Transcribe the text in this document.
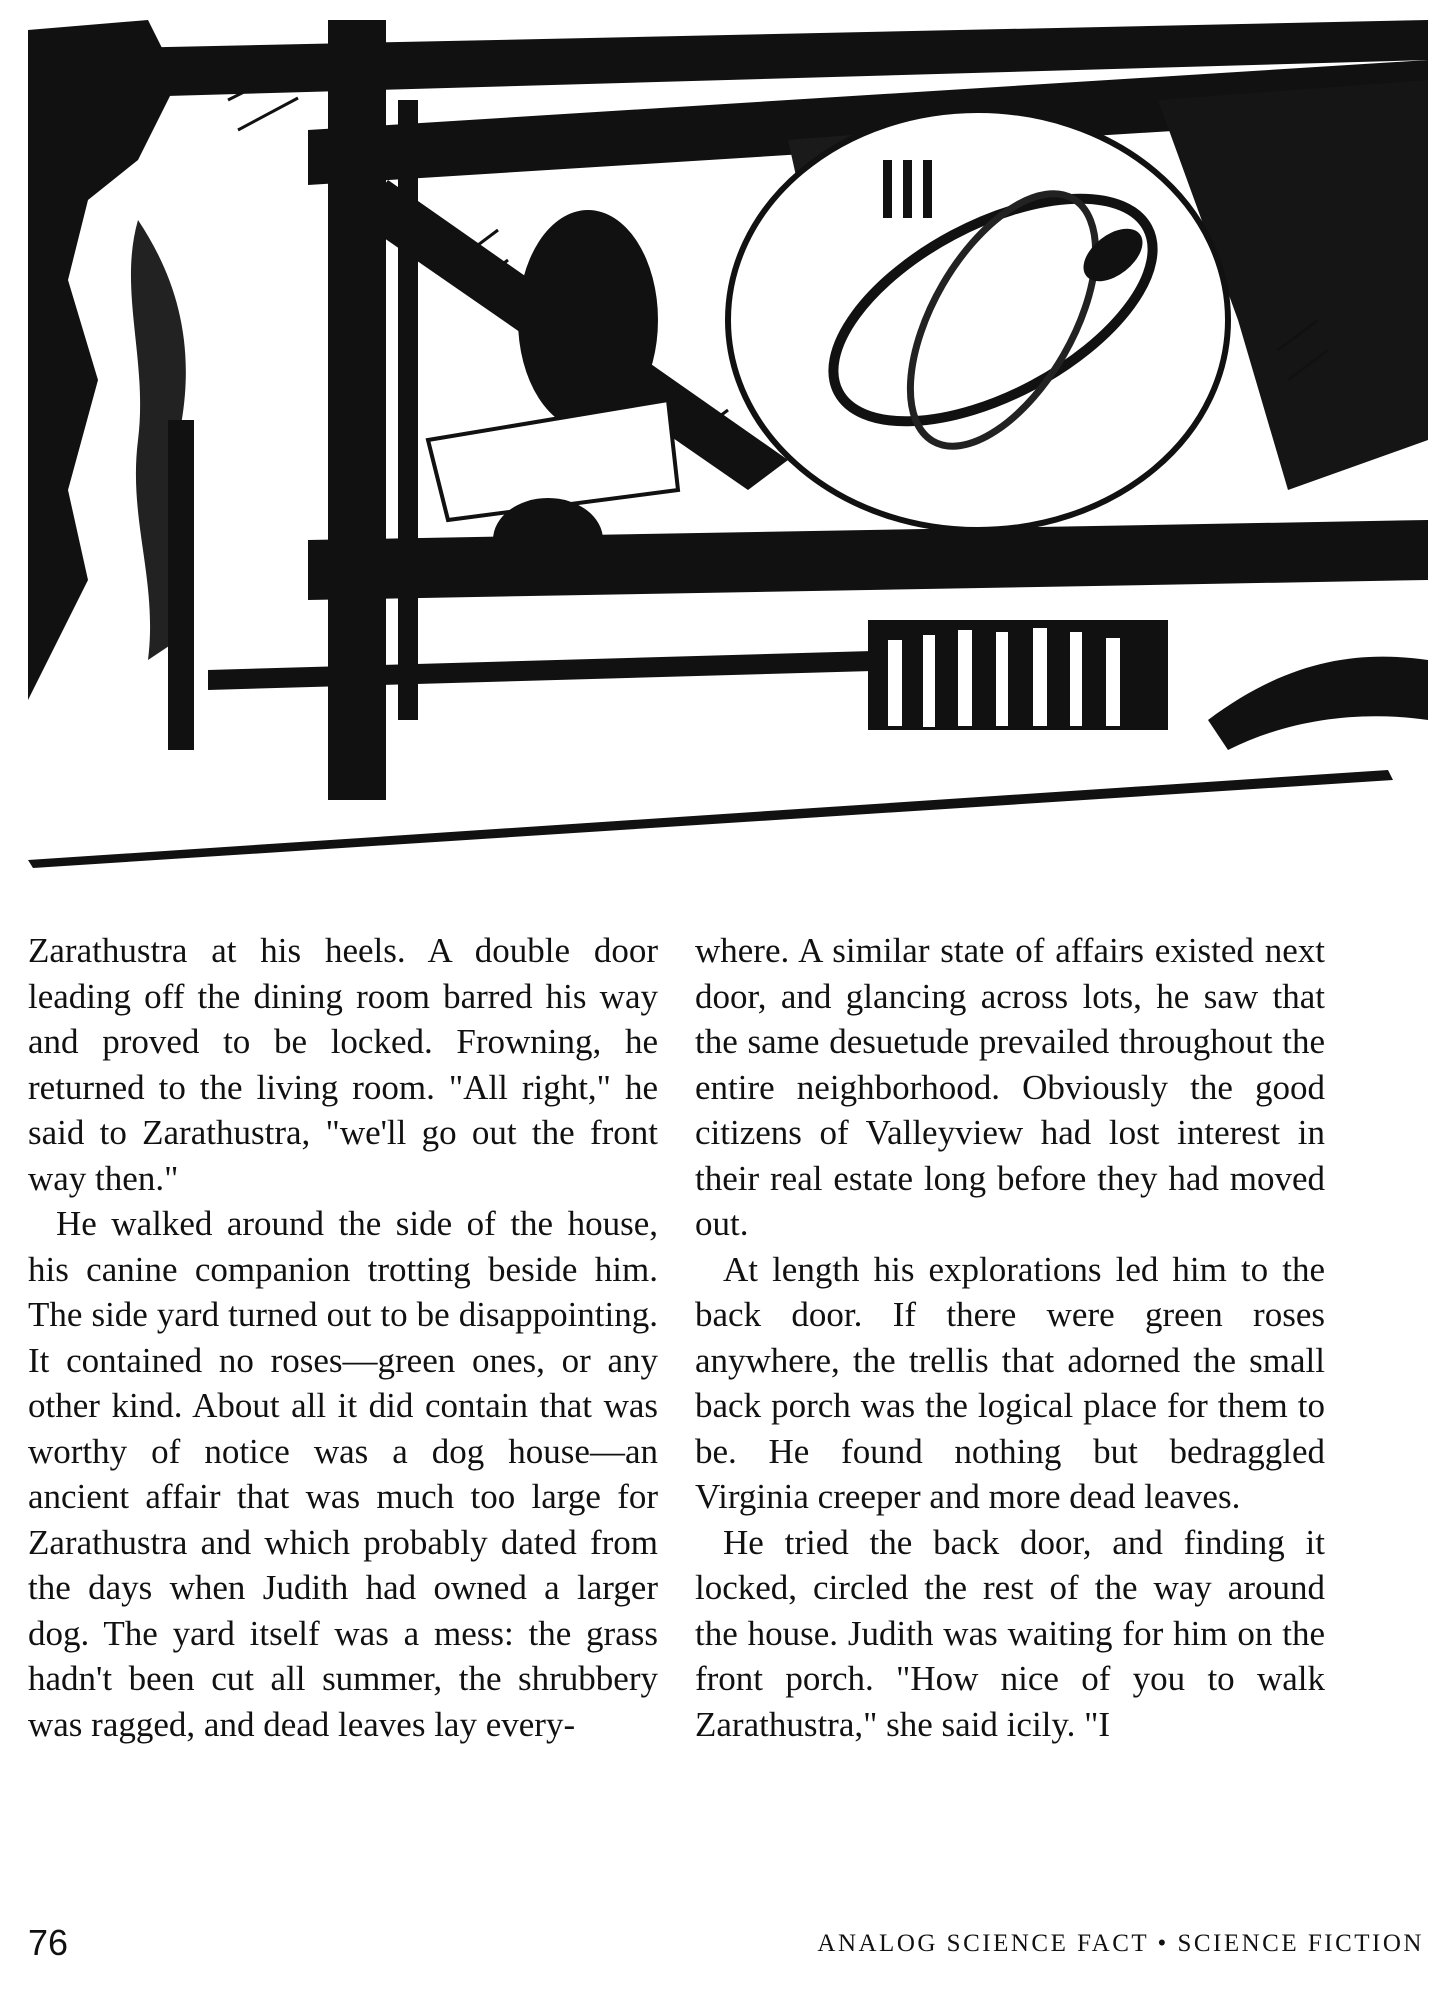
Zarathustra at his heels. A double door leading off the dining room barred his way and proved to be locked. Frowning, he returned to the living room. "All right," he said to Zarathustra, "we'll go out the front way then."

He walked around the side of the house, his canine companion trotting beside him. The side yard turned out to be disappointing. It contained no roses—green ones, or any other kind. About all it did contain that was worthy of notice was a dog house—an ancient affair that was much too large for Zarathustra and which probably dated from the days when Judith had owned a larger dog. The yard itself was a mess: the grass hadn't been cut all summer, the shrubbery was ragged, and dead leaves lay every-

where. A similar state of affairs existed next door, and glancing across lots, he saw that the same desuetude prevailed throughout the entire neighborhood. Obviously the good citizens of Valleyview had lost interest in their real estate long before they had moved out.

At length his explorations led him to the back door. If there were green roses anywhere, the trellis that adorned the small back porch was the logical place for them to be. He found nothing but bedraggled Virginia creeper and more dead leaves.

He tried the back door, and finding it locked, circled the rest of the way around the house. Judith was waiting for him on the front porch. "How nice of you to walk Zarathustra," she said icily. "I

76	ANALOG SCIENCE FACT • SCIENCE FICTION
